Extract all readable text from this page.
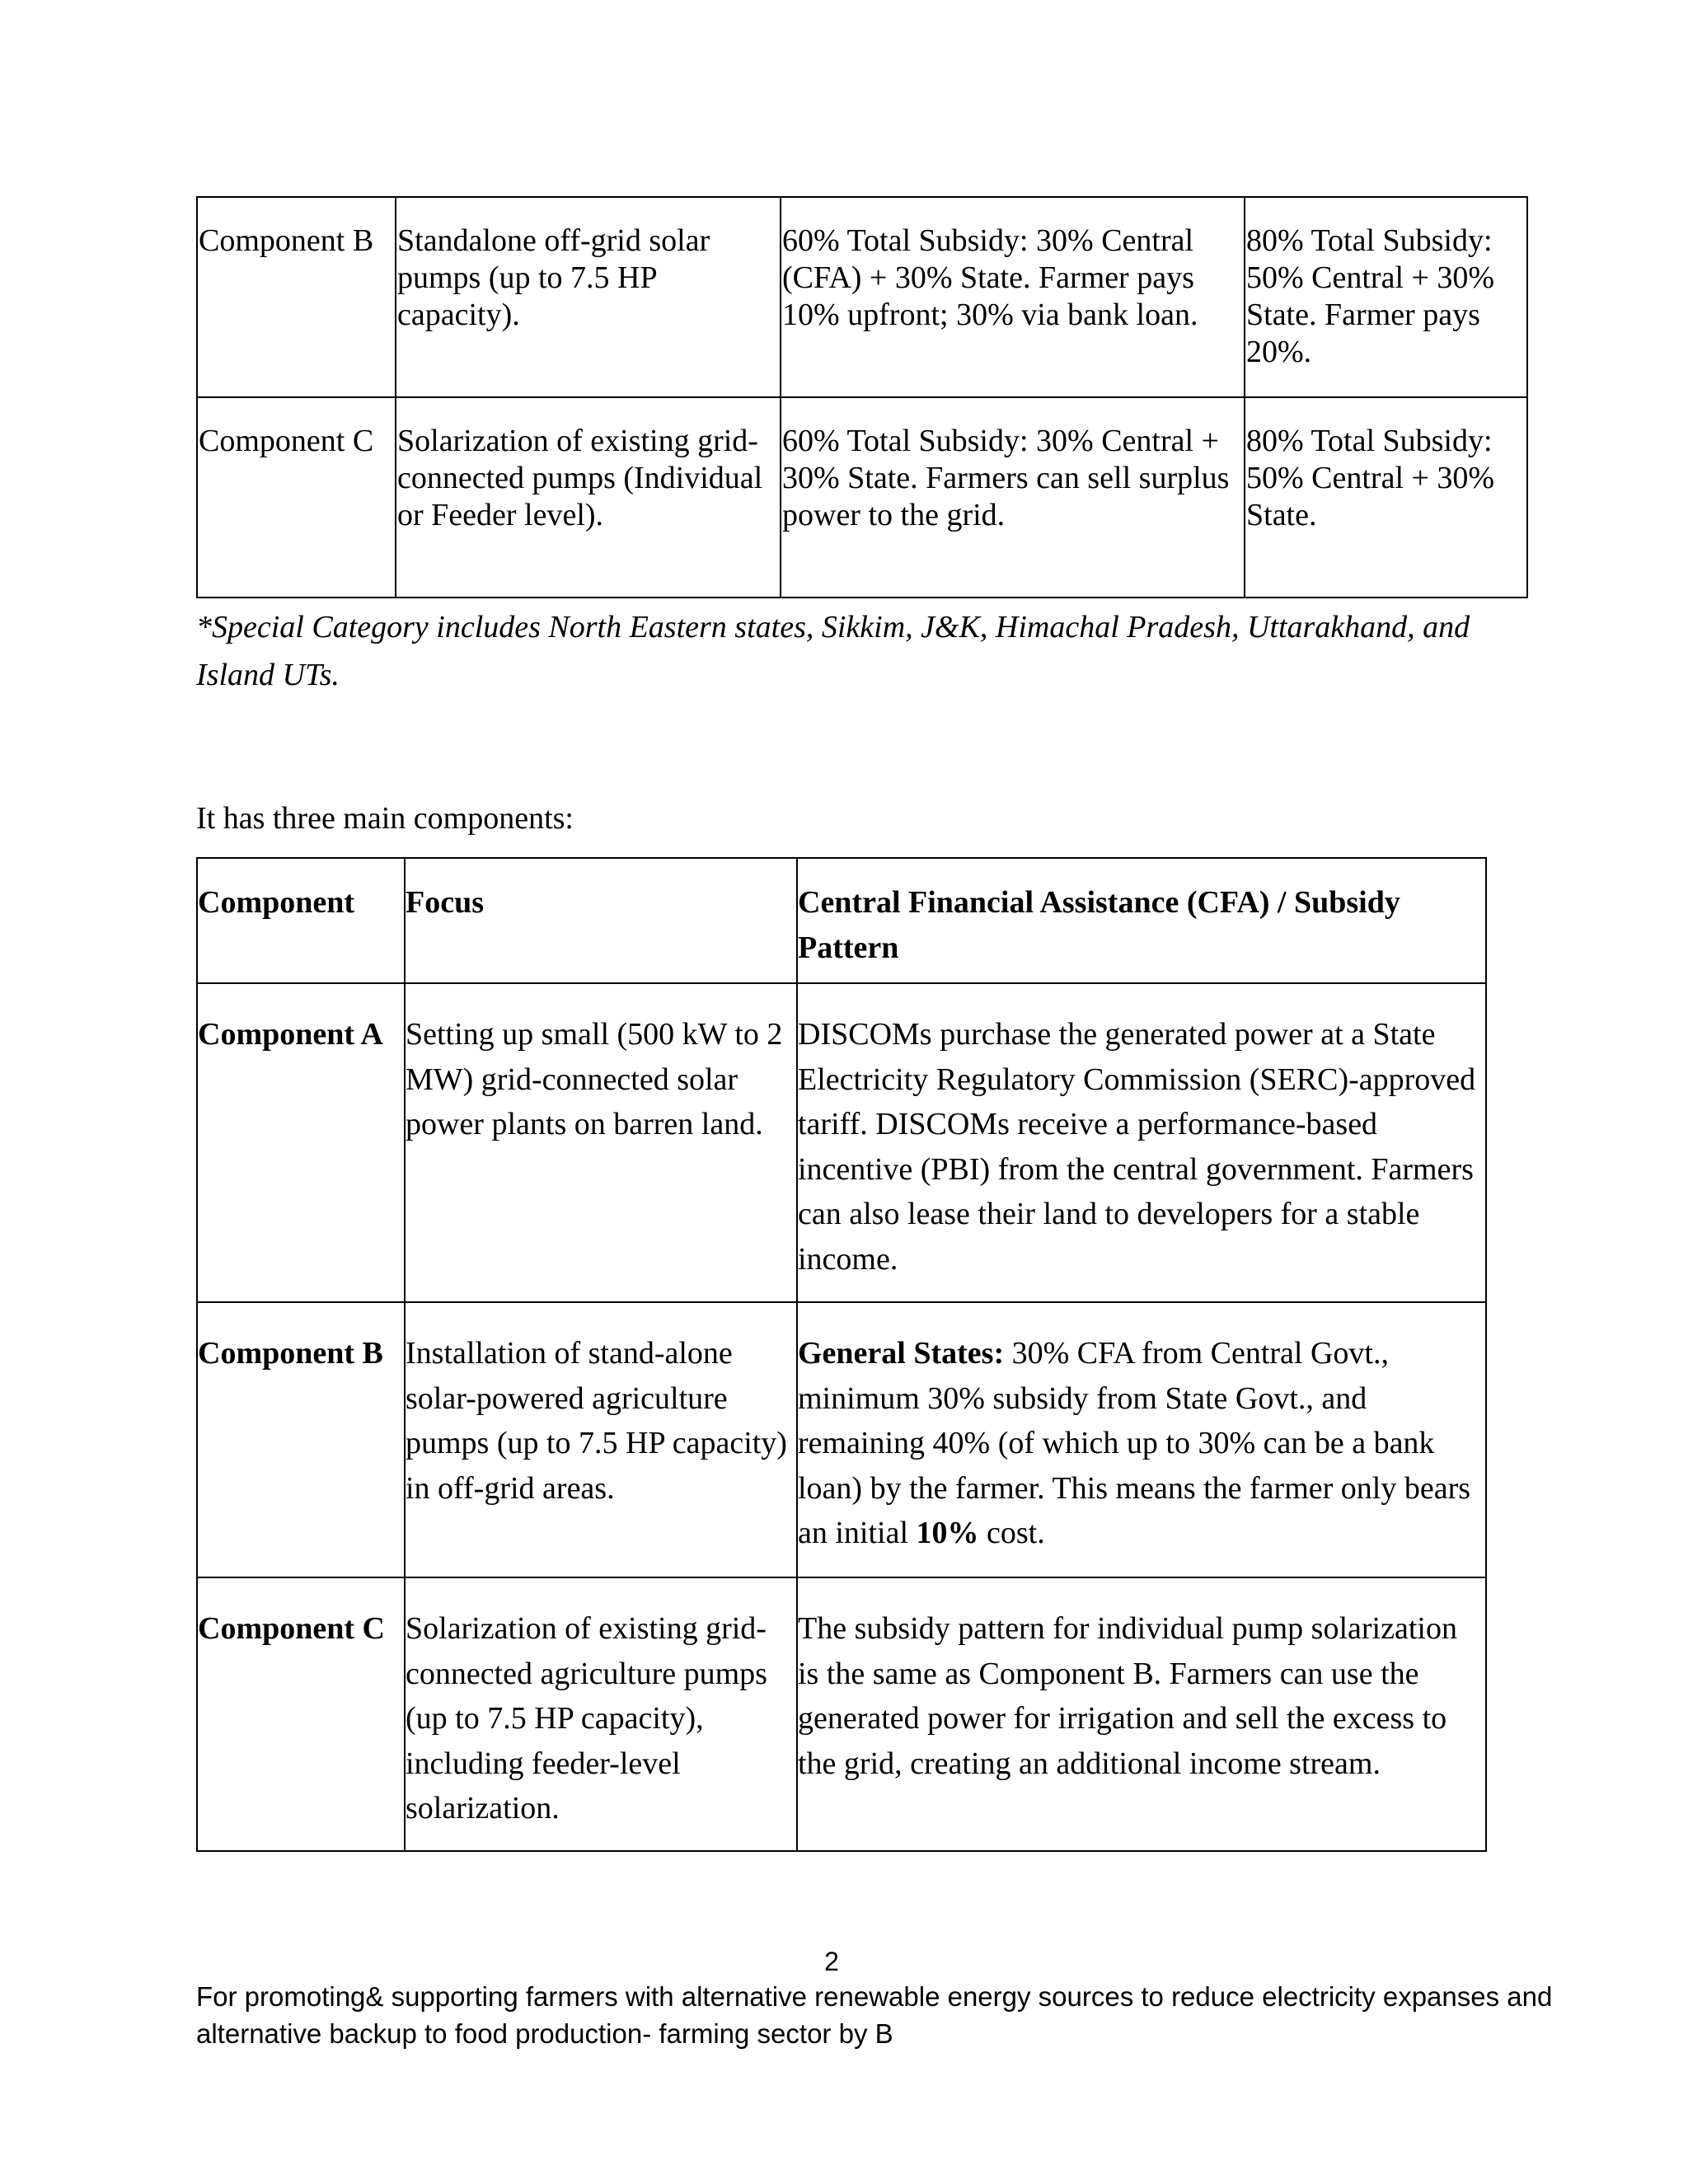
Component B	Standalone off-grid solar pumps (up to 7.5 HP capacity).	60% Total Subsidy: 30% Central (CFA) + 30% State. Farmer pays 10% upfront; 30% via bank loan.	80% Total Subsidy: 50% Central + 30% State. Farmer pays 20%.
Component C	Solarization of existing grid-connected pumps (Individual or Feeder level).	60% Total Subsidy: 30% Central + 30% State. Farmers can sell surplus power to the grid.	80% Total Subsidy: 50% Central + 30% State.
*Special Category includes North Eastern states, Sikkim, J&K, Himachal Pradesh, Uttarakhand, and Island UTs.
It has three main components:
Component	Focus	Central Financial Assistance (CFA) / Subsidy Pattern
Component A	Setting up small (500 kW to 2 MW) grid-connected solar power plants on barren land.	DISCOMs purchase the generated power at a State Electricity Regulatory Commission (SERC)-approved tariff. DISCOMs receive a performance-based incentive (PBI) from the central government. Farmers can also lease their land to developers for a stable income.
Component B	Installation of stand-alone solar-powered agriculture pumps (up to 7.5 HP capacity) in off-grid areas.	General States: 30% CFA from Central Govt., minimum 30% subsidy from State Govt., and remaining 40% (of which up to 30% can be a bank loan) by the farmer. This means the farmer only bears an initial 10% cost.
Component C	Solarization of existing grid-connected agriculture pumps (up to 7.5 HP capacity), including feeder-level solarization.	The subsidy pattern for individual pump solarization is the same as Component B. Farmers can use the generated power for irrigation and sell the excess to the grid, creating an additional income stream.
2
For promoting& supporting farmers with alternative renewable energy sources to reduce electricity expanses and alternative backup to food production- farming sector by B
